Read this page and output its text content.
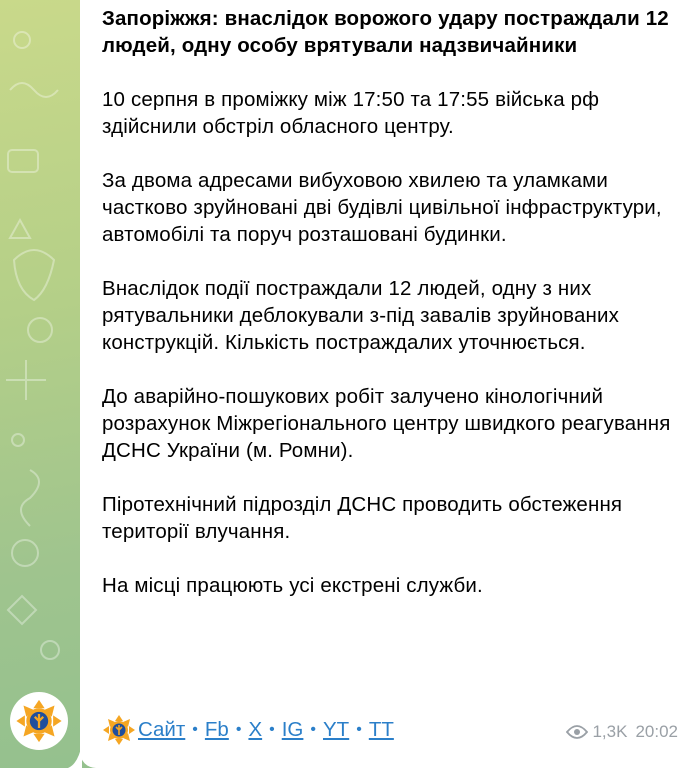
Запоріжжя: внаслідок ворожого удару постраждали 12 людей, одну особу врятували надзвичайники

10 серпня в проміжку між 17:50 та 17:55 війська рф здійснили обстріл обласного центру.

За двома адресами вибуховою хвилею та уламками частково зруйновані дві будівлі цивільної інфраструктури, автомобілі та поруч розташовані будинки.

Внаслідок події постраждали 12 людей, одну з них рятувальники деблокували з-під завалів зруйнованих конструкцій. Кількість постраждалих уточнюється.

До аварійно-пошукових робіт залучено кінологічний розрахунок Міжрегіонального центру швидкого реагування ДСНС України (м. Ромни).

Піротехнічний підрозділ ДСНС проводить обстеження території влучання.

На місці працюють усі екстрені служби.

Сайт • Fb • X • IG • YT • TT	1,3K 20:02
